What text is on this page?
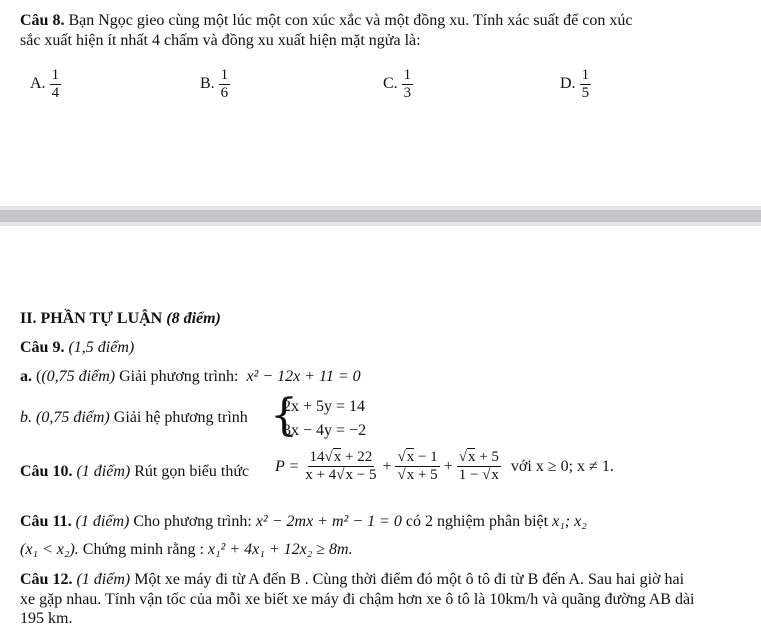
Câu 8. Bạn Ngọc gieo cùng một lúc một con xúc xắc và một đồng xu. Tính xác suất để con xúc
sắc xuất hiện ít nhất 4 chấm và đồng xu xuất hiện mặt ngửa là:
A. $\frac{1}{4}$	B. $\frac{1}{6}$	C. $\frac{1}{3}$	D. $\frac{1}{5}$
II. PHẦN TỰ LUẬN (8 điểm)
Câu 9. (1,5 điểm)
a. ((0,75 điểm) Giải phương trình: x² − 12x + 11 = 0
b. (0,75 điểm) Giải hệ phương trình {
2x + 5y = 14
3x − 4y = −2
Câu 10. (1 điểm) Rút gọn biểu thức $P = \frac{14√x + 22}{x + 4√x - 5} + \frac{√x - 1}{√x + 5} + \frac{√x + 5}{1 - √x}$ với x ≥ 0; x ≠ 1.
Câu 11. (1 điểm) Cho phương trình: x² − 2mx + m² − 1 = 0 có 2 nghiệm phân biệt x₁; x₂
(x₁ < x₂). Chứng minh rằng : x₁² + 4x₁ + 12x₂ ≥ 8m.
Câu 12. (1 điểm) Một xe máy đi từ A đến B . Cùng thời điểm đó một ô tô đi từ B đến A. Sau hai giờ hai
xe gặp nhau. Tính vận tốc của mỗi xe biết xe máy đi chậm hơn xe ô tô là 10km/h và quãng đường AB dài
195 km.
